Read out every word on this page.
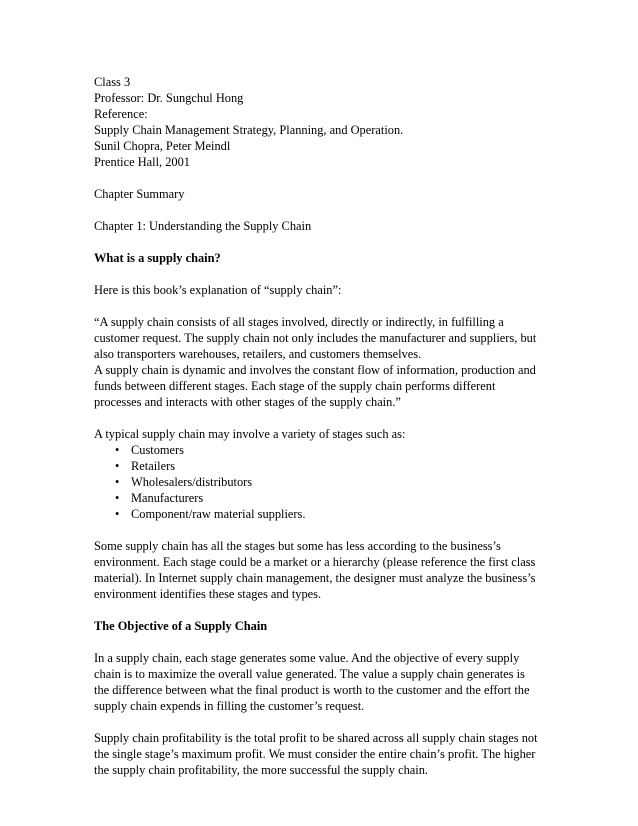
Class 3
Professor: Dr. Sungchul Hong
Reference:
Supply Chain Management Strategy, Planning, and Operation.
Sunil Chopra, Peter Meindl
Prentice Hall, 2001
Chapter Summary
Chapter 1: Understanding the Supply Chain
What is a supply chain?
Here is this book’s explanation of “supply chain”:

“A supply chain consists of all stages involved, directly or indirectly, in fulfilling a
customer request. The supply chain not only includes the manufacturer and suppliers, but
also transporters warehouses, retailers, and customers themselves.
A supply chain is dynamic and involves the constant flow of information, production and
funds between different stages. Each stage of the supply chain performs different
processes and interacts with other stages of the supply chain.”

A typical supply chain may involve a variety of stages such as:
• Customers
• Retailers
• Wholesalers/distributors
• Manufacturers
• Component/raw material suppliers.

Some supply chain has all the stages but some has less according to the business’s
environment. Each stage could be a market or a hierarchy (please reference the first class
material). In Internet supply chain management, the designer must analyze the business’s
environment identifies these stages and types.

The Objective of a Supply Chain

In a supply chain, each stage generates some value. And the objective of every supply
chain is to maximize the overall value generated. The value a supply chain generates is
the difference between what the final product is worth to the customer and the effort the
supply chain expends in filling the customer’s request.

Supply chain profitability is the total profit to be shared across all supply chain stages not
the single stage’s maximum profit. We must consider the entire chain’s profit. The higher
the supply chain profitability, the more successful the supply chain.
